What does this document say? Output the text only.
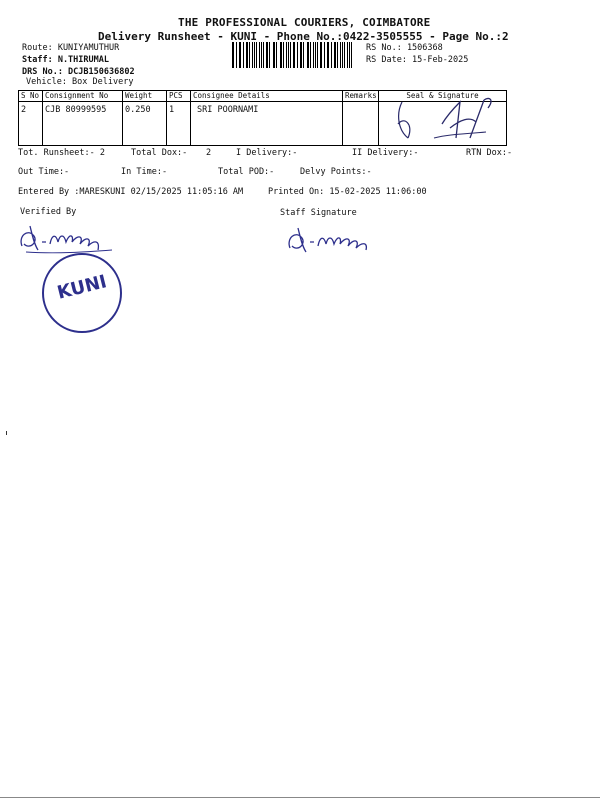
THE PROFESSIONAL COURIERS, COIMBATORE
Delivery Runsheet - KUNI - Phone No.:0422-3505555 - Page No.:2
Route: KUNIYAMUTHUR
Staff: N.THIRUMAL
DRS No.: DCJB150636802
Vehicle: Box Delivery
RS No.: 1506368
RS Date: 15-Feb-2025
S No	Consignment No	Weight	PCS	Consignee Details	Remarks	Seal & Signature
2	CJB 80999595	0.250	1	SRI POORNAMI		
Tot. Runsheet:- 2	Total Dox:- 2	I Delivery:-	II Delivery:-	RTN Dox:-
Out Time:-	In Time:-	Total POD:-	Delvy Points:-
Entered By :MARESKUNI 02/15/2025 11:05:16 AM	Printed On: 15-02-2025 11:06:00
Verified By	Staff Signature
KUNI
